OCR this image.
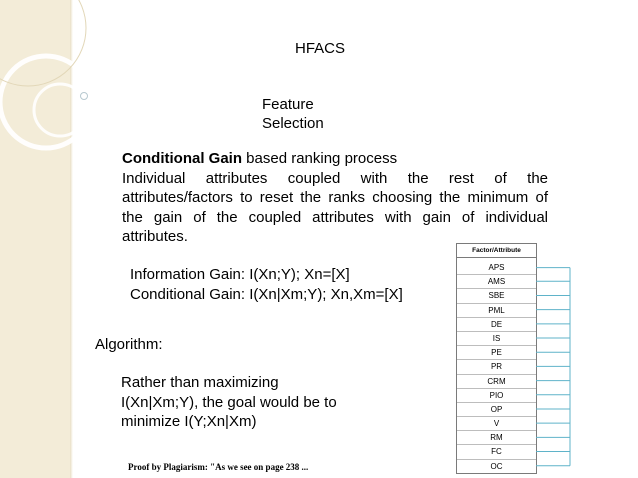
HFACS
Feature
Selection
Conditional Gain based ranking process
Individual attributes coupled with the rest of the attributes/factors to reset the ranks choosing the minimum of the gain of the coupled attributes with gain of individual attributes.
Information Gain: I(Xn;Y); Xn=[X]
Conditional Gain: I(Xn|Xm;Y); Xn,Xm=[X]
Algorithm:
Rather than maximizing
I(Xn|Xm;Y), the goal would be to
minimize I(Y;Xn|Xm)
Factor/Attribute
APS
AMS
SBE
PML
DE
IS
PE
PR
CRM
PIO
OP
V
RM
FC
OC
Proof by Plagiarism: "As we see on page 238 ...
